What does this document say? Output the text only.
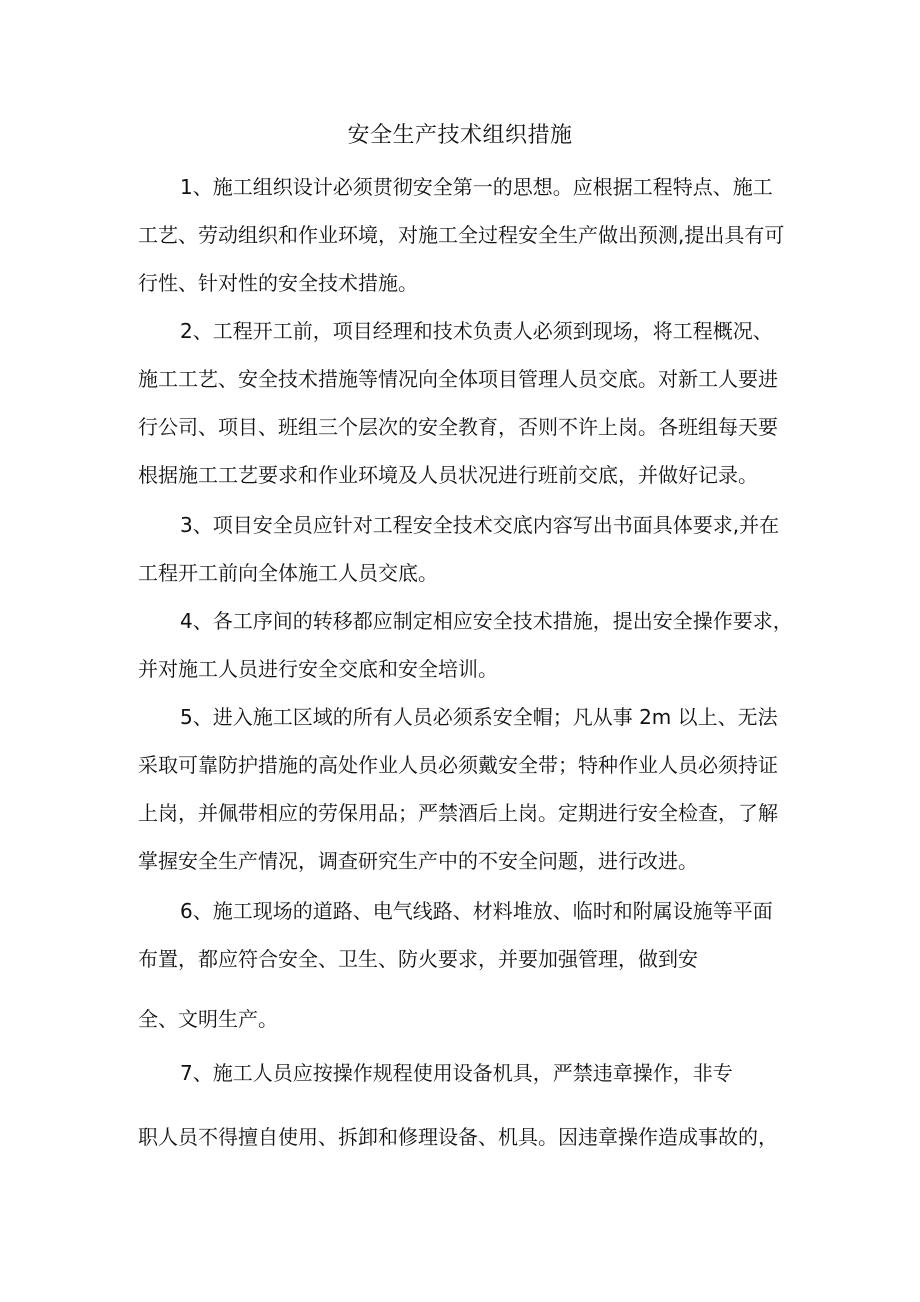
安全生产技术组织措施
1、施工组织设计必须贯彻安全第一的思想。应根据工程特点、施工
工艺、劳动组织和作业环境，对施工全过程安全生产做出预测,提出具有可
行性、针对性的安全技术措施。
2、工程开工前，项目经理和技术负责人必须到现场，将工程概况、
施工工艺、安全技术措施等情况向全体项目管理人员交底。对新工人要进
行公司、项目、班组三个层次的安全教育，否则不许上岗。各班组每天要
根据施工工艺要求和作业环境及人员状况进行班前交底，并做好记录。
3、项目安全员应针对工程安全技术交底内容写出书面具体要求,并在
工程开工前向全体施工人员交底。
4、各工序间的转移都应制定相应安全技术措施，提出安全操作要求，
并对施工人员进行安全交底和安全培训。
5、进入施工区域的所有人员必须系安全帽；凡从事 2m 以上、无法
采取可靠防护措施的高处作业人员必须戴安全带；特种作业人员必须持证
上岗，并佩带相应的劳保用品；严禁酒后上岗。定期进行安全检查，了解
掌握安全生产情况，调查研究生产中的不安全问题，进行改进。
6、施工现场的道路、电气线路、材料堆放、临时和附属设施等平面
布置，都应符合安全、卫生、防火要求，并要加强管理，做到安
全、文明生产。
7、施工人员应按操作规程使用设备机具，严禁违章操作，非专
职人员不得擅自使用、拆卸和修理设备、机具。因违章操作造成事故的，
